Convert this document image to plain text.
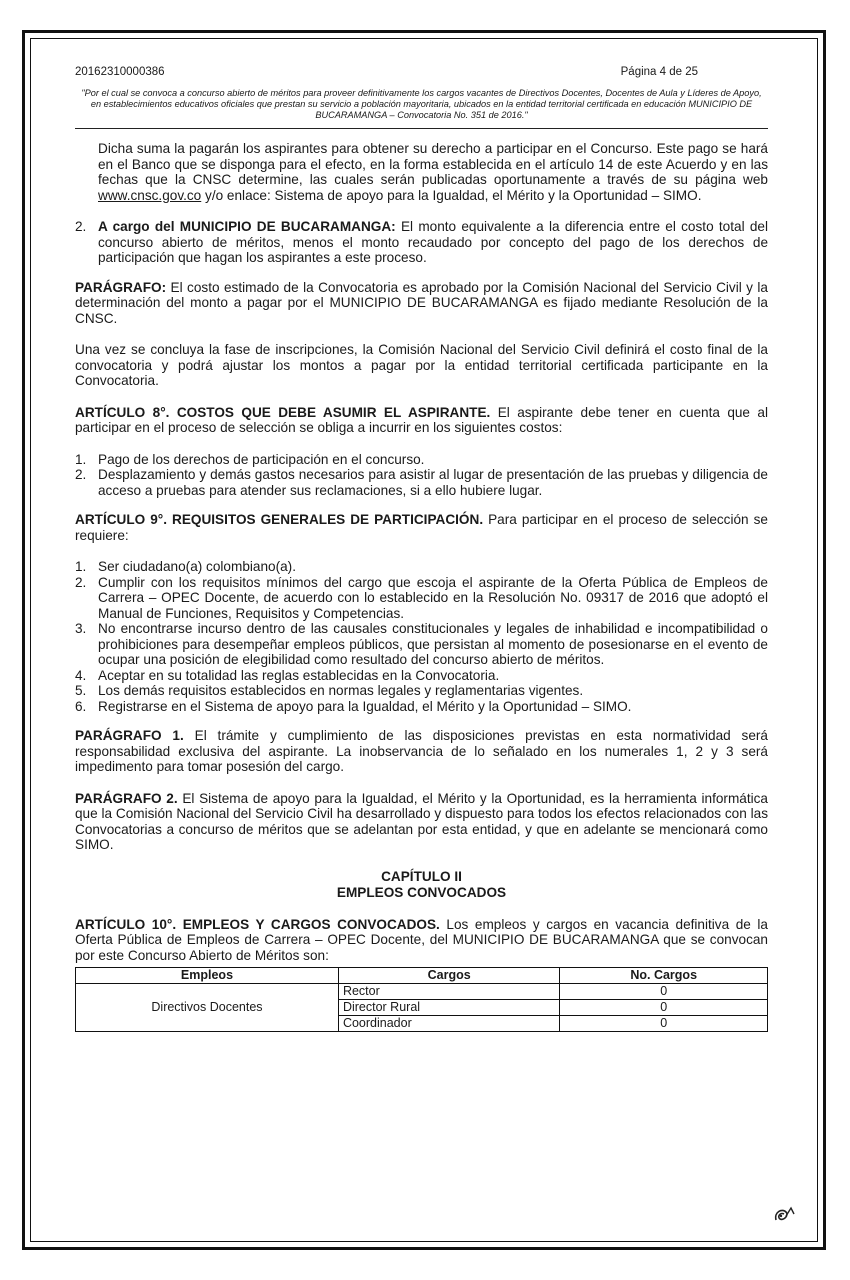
20162310000386	Página 4 de 25
"Por el cual se convoca a concurso abierto de méritos para proveer definitivamente los cargos vacantes de Directivos Docentes, Docentes de Aula y Líderes de Apoyo, en establecimientos educativos oficiales que prestan su servicio a población mayoritaria, ubicados en la entidad territorial certificada en educación MUNICIPIO DE BUCARAMANGA – Convocatoria No. 351 de 2016."

Dicha suma la pagarán los aspirantes para obtener su derecho a participar en el Concurso. Este pago se hará en el Banco que se disponga para el efecto, en la forma establecida en el artículo 14 de este Acuerdo y en las fechas que la CNSC determine, las cuales serán publicadas oportunamente a través de su página web www.cnsc.gov.co y/o enlace: Sistema de apoyo para la Igualdad, el Mérito y la Oportunidad – SIMO.

2. A cargo del MUNICIPIO DE BUCARAMANGA: El monto equivalente a la diferencia entre el costo total del concurso abierto de méritos, menos el monto recaudado por concepto del pago de los derechos de participación que hagan los aspirantes a este proceso.

PARÁGRAFO: El costo estimado de la Convocatoria es aprobado por la Comisión Nacional del Servicio Civil y la determinación del monto a pagar por el MUNICIPIO DE BUCARAMANGA es fijado mediante Resolución de la CNSC.

Una vez se concluya la fase de inscripciones, la Comisión Nacional del Servicio Civil definirá el costo final de la convocatoria y podrá ajustar los montos a pagar por la entidad territorial certificada participante en la Convocatoria.

ARTÍCULO 8°. COSTOS QUE DEBE ASUMIR EL ASPIRANTE. El aspirante debe tener en cuenta que al participar en el proceso de selección se obliga a incurrir en los siguientes costos:

1. Pago de los derechos de participación en el concurso.
2. Desplazamiento y demás gastos necesarios para asistir al lugar de presentación de las pruebas y diligencia de acceso a pruebas para atender sus reclamaciones, si a ello hubiere lugar.

ARTÍCULO 9°. REQUISITOS GENERALES DE PARTICIPACIÓN. Para participar en el proceso de selección se requiere:

1. Ser ciudadano(a) colombiano(a).
2. Cumplir con los requisitos mínimos del cargo que escoja el aspirante de la Oferta Pública de Empleos de Carrera – OPEC Docente, de acuerdo con lo establecido en la Resolución No. 09317 de 2016 que adoptó el Manual de Funciones, Requisitos y Competencias.
3. No encontrarse incurso dentro de las causales constitucionales y legales de inhabilidad e incompatibilidad o prohibiciones para desempeñar empleos públicos, que persistan al momento de posesionarse en el evento de ocupar una posición de elegibilidad como resultado del concurso abierto de méritos.
4. Aceptar en su totalidad las reglas establecidas en la Convocatoria.
5. Los demás requisitos establecidos en normas legales y reglamentarias vigentes.
6. Registrarse en el Sistema de apoyo para la Igualdad, el Mérito y la Oportunidad – SIMO.

PARÁGRAFO 1. El trámite y cumplimiento de las disposiciones previstas en esta normatividad será responsabilidad exclusiva del aspirante. La inobservancia de lo señalado en los numerales 1, 2 y 3 será impedimento para tomar posesión del cargo.

PARÁGRAFO 2. El Sistema de apoyo para la Igualdad, el Mérito y la Oportunidad, es la herramienta informática que la Comisión Nacional del Servicio Civil ha desarrollado y dispuesto para todos los efectos relacionados con las Convocatorias a concurso de méritos que se adelantan por esta entidad, y que en adelante se mencionará como SIMO.

CAPÍTULO II
EMPLEOS CONVOCADOS

ARTÍCULO 10°. EMPLEOS Y CARGOS CONVOCADOS. Los empleos y cargos en vacancia definitiva de la Oferta Pública de Empleos de Carrera – OPEC Docente, del MUNICIPIO DE BUCARAMANGA que se convocan por este Concurso Abierto de Méritos son:

Empleos	Cargos	No. Cargos
Directivos Docentes	Rector	0
	Director Rural	0
	Coordinador	0
